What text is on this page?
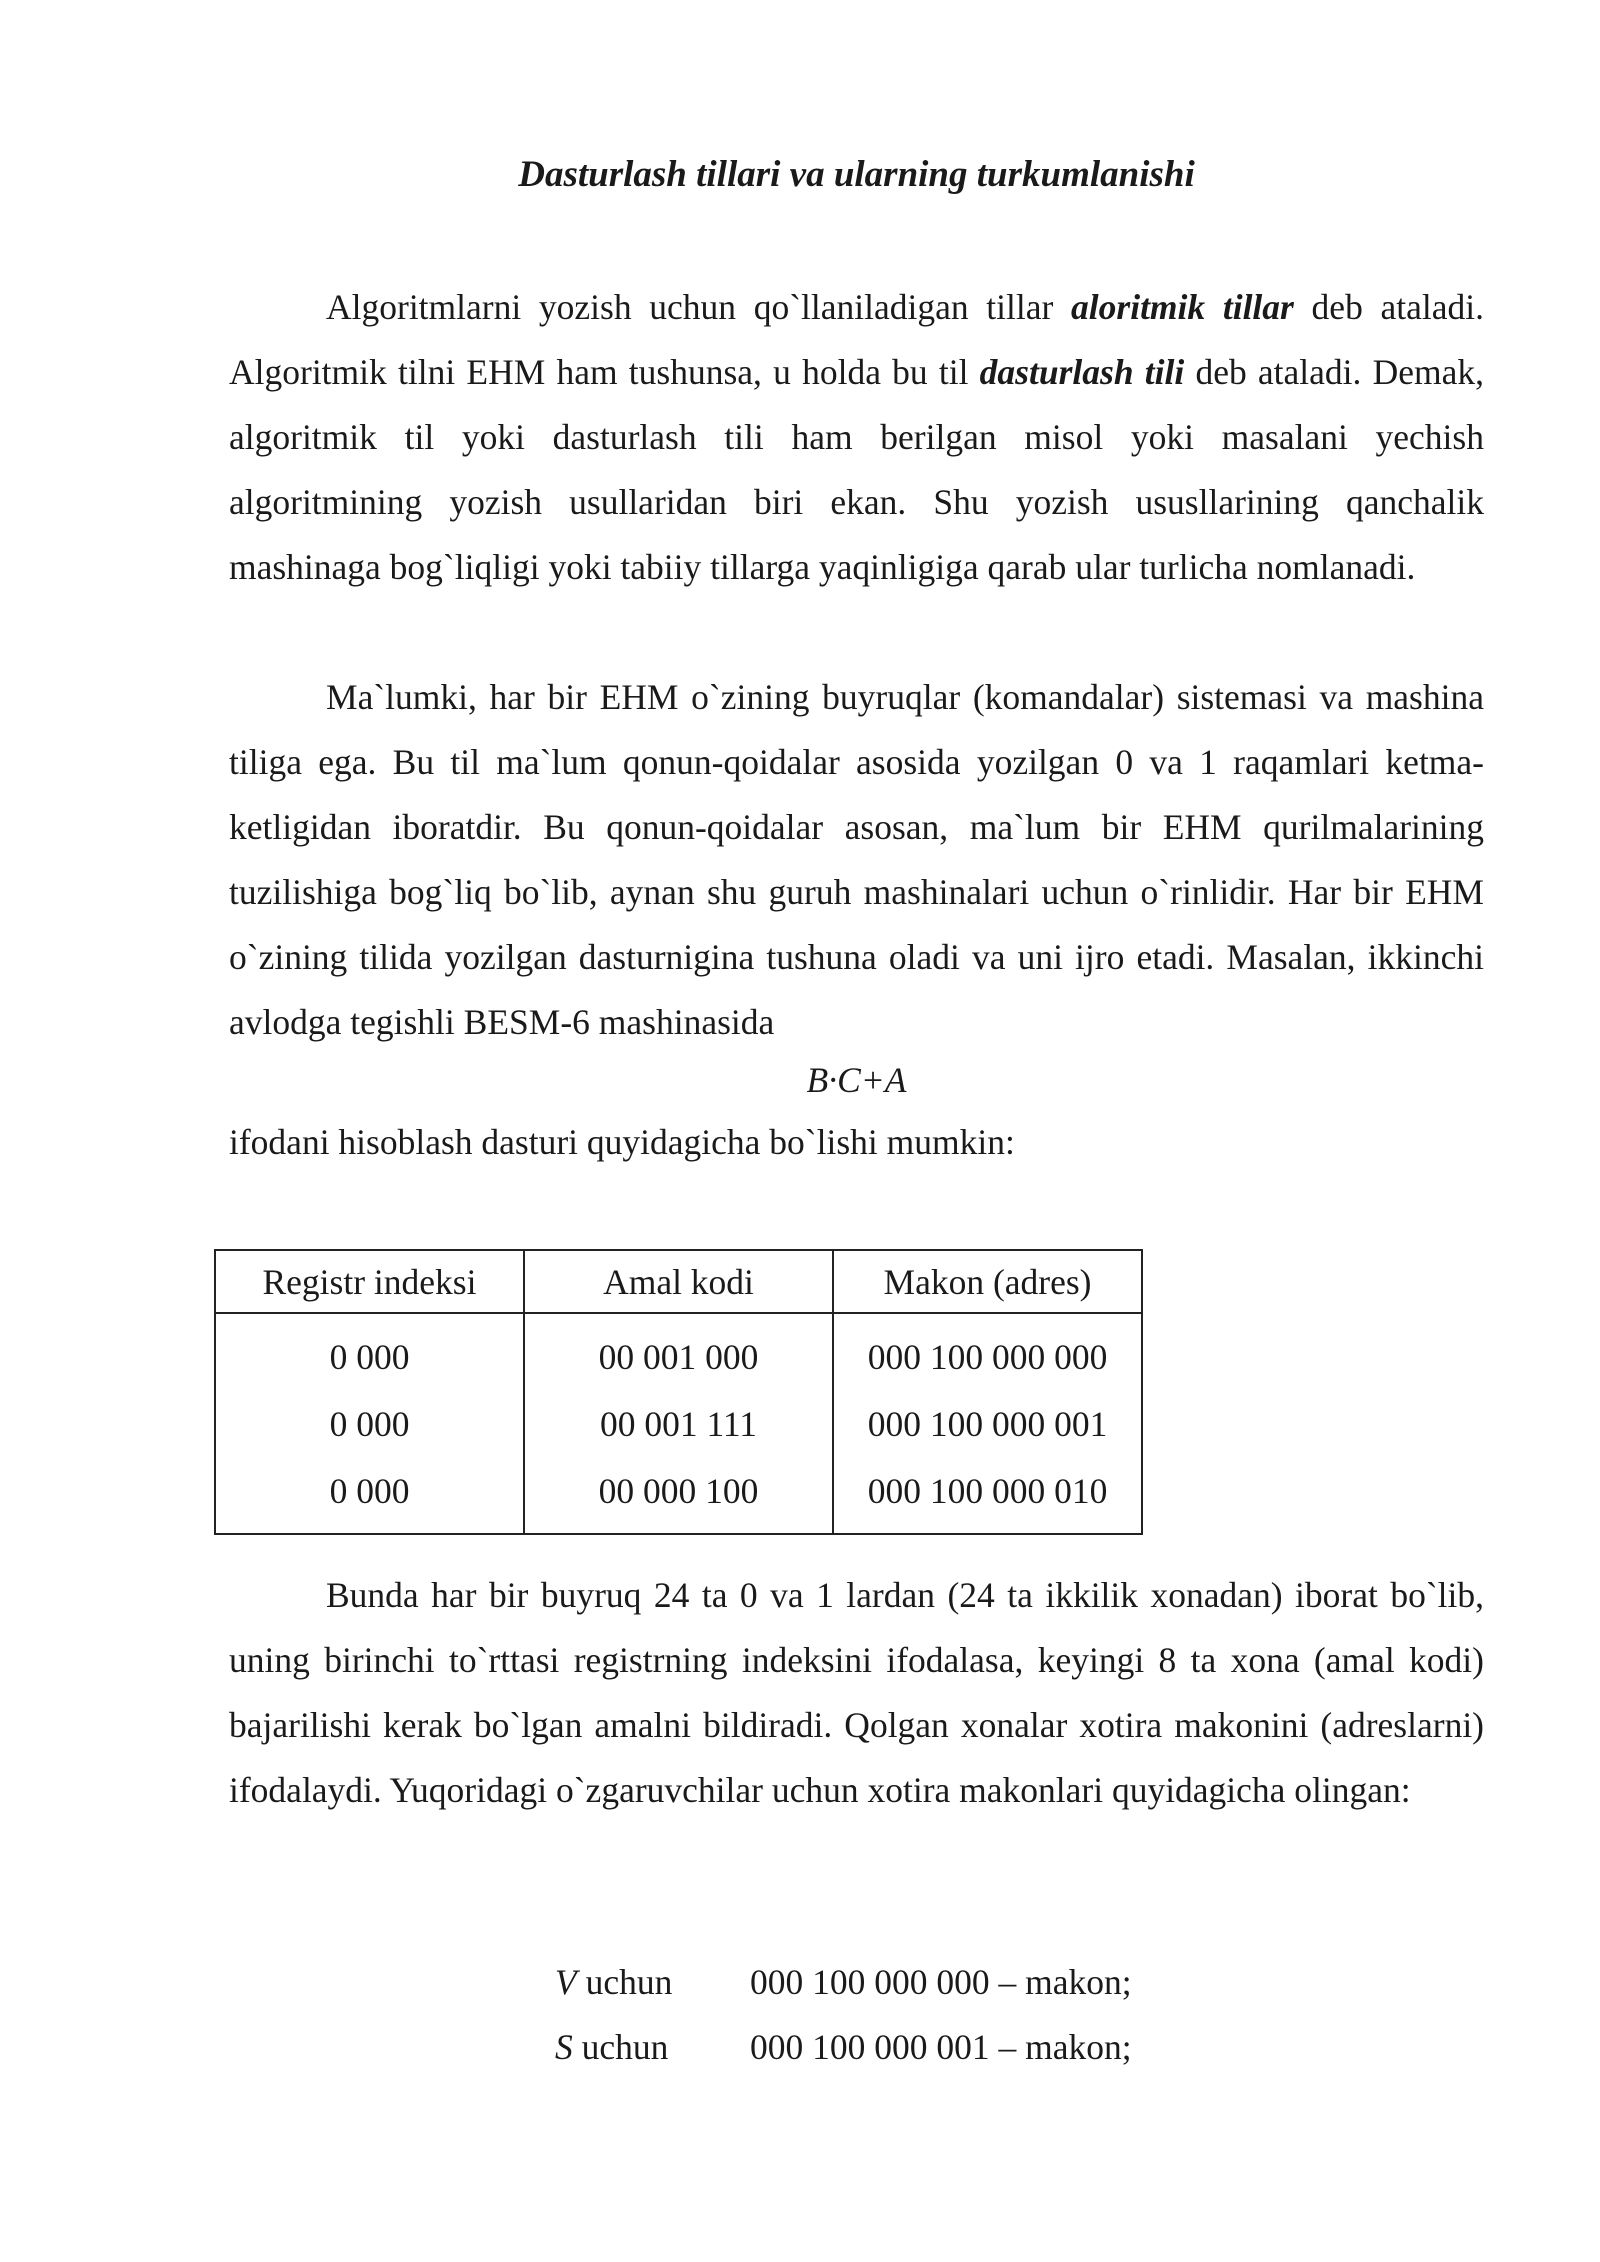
Dasturlash tillari va ularning turkumlanishi

Algoritmlarni yozish uchun qo`llaniladigan tillar aloritmik tillar deb ataladi. Algoritmik tilni EHM ham tushunsa, u holda bu til dasturlash tili deb ataladi. Demak, algoritmik til yoki dasturlash tili ham berilgan misol yoki masalani yechish algoritmining yozish usullaridan biri ekan. Shu yozish ususllarining qanchalik mashinaga bog`liqligi yoki tabiiy tillarga yaqinligiga qarab ular turlicha nomlanadi.

Ma`lumki, har bir EHM o`zining buyruqlar (komandalar) sistemasi va mashina tiliga ega. Bu til ma`lum qonun-qoidalar asosida yozilgan 0 va 1 raqamlari ketma-ketligidan iboratdir. Bu qonun-qoidalar asosan, ma`lum bir EHM qurilmalarining tuzilishiga bog`liq bo`lib, aynan shu guruh mashinalari uchun o`rinlidir. Har bir EHM o`zining tilida yozilgan dasturnigina tushuna oladi va uni ijro etadi. Masalan, ikkinchi avlodga tegishli BESM-6 mashinasida

B·C+A
ifodani hisoblash dasturi quyidagicha bo`lishi mumkin:
Registr indeksi	Amal kodi	Makon (adres)
0 000	00 001 000	000 100 000 000
0 000	00 001 111	000 100 000 001
0 000	00 000 100	000 100 000 010

Bunda har bir buyruq 24 ta 0 va 1 lardan (24 ta ikkilik xonadan) iborat bo`lib, uning birinchi to`rttasi registrning indeksini ifodalasa, keyingi 8 ta xona (amal kodi) bajarilishi kerak bo`lgan amalni bildiradi. Qolgan xonalar xotira makonini (adreslarni) ifodalaydi. Yuqoridagi o`zgaruvchilar uchun xotira makonlari quyidagicha olingan:

V uchun 000 100 000 000 – makon;
S uchun 000 100 000 001 – makon;
